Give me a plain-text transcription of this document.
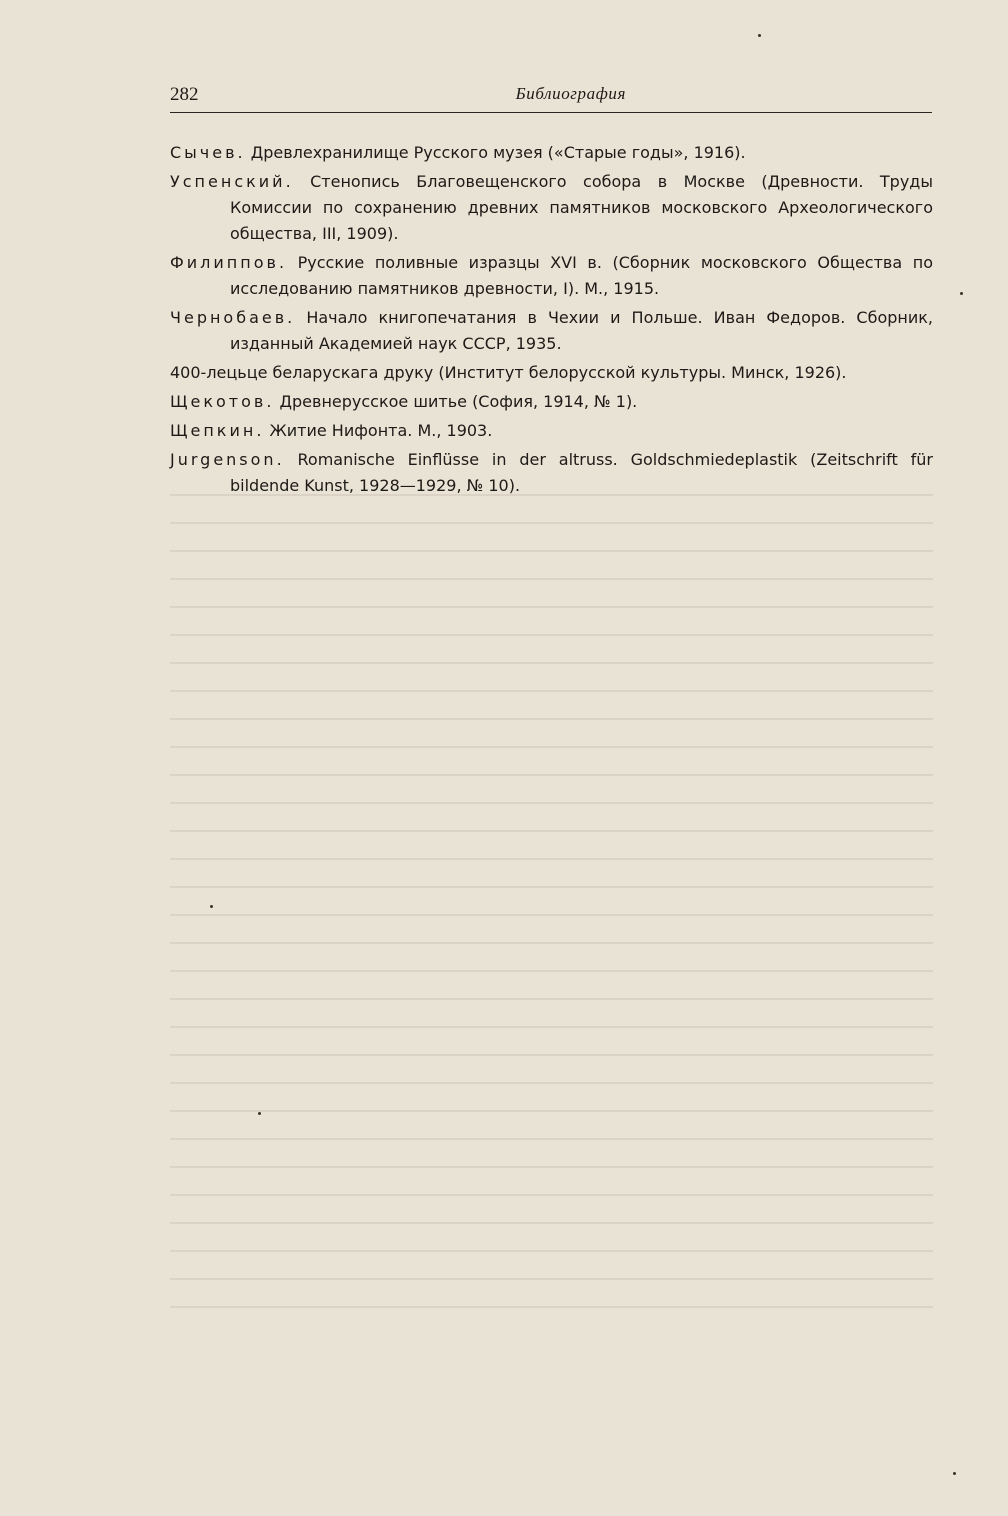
282	Библиография

Сычев. Древлехранилище Русского музея («Старые годы», 1916).

Успенский. Стенопись Благовещенского собора в Москве (Древности. Труды Комиссии по сохранению древних памятников московского Археологического общества, III, 1909).

Филиппов. Русские поливные изразцы XVI в. (Сборник московского Общества по исследованию памятников древности, I). М., 1915.

Чернобаев. Начало книгопечатания в Чехии и Польше. Иван Федоров. Сборник, изданный Академией наук СССР, 1935.

400-лецьце беларускага друку (Институт белорусской культуры. Минск, 1926).

Щекотов. Древнерусское шитье (София, 1914, № 1).

Щепкин. Житие Нифонта. М., 1903.

Jurgenson. Romanische Einflüsse in der altruss. Goldschmiedeplastik (Zeitschrift für bildende Kunst, 1928—1929, № 10).
